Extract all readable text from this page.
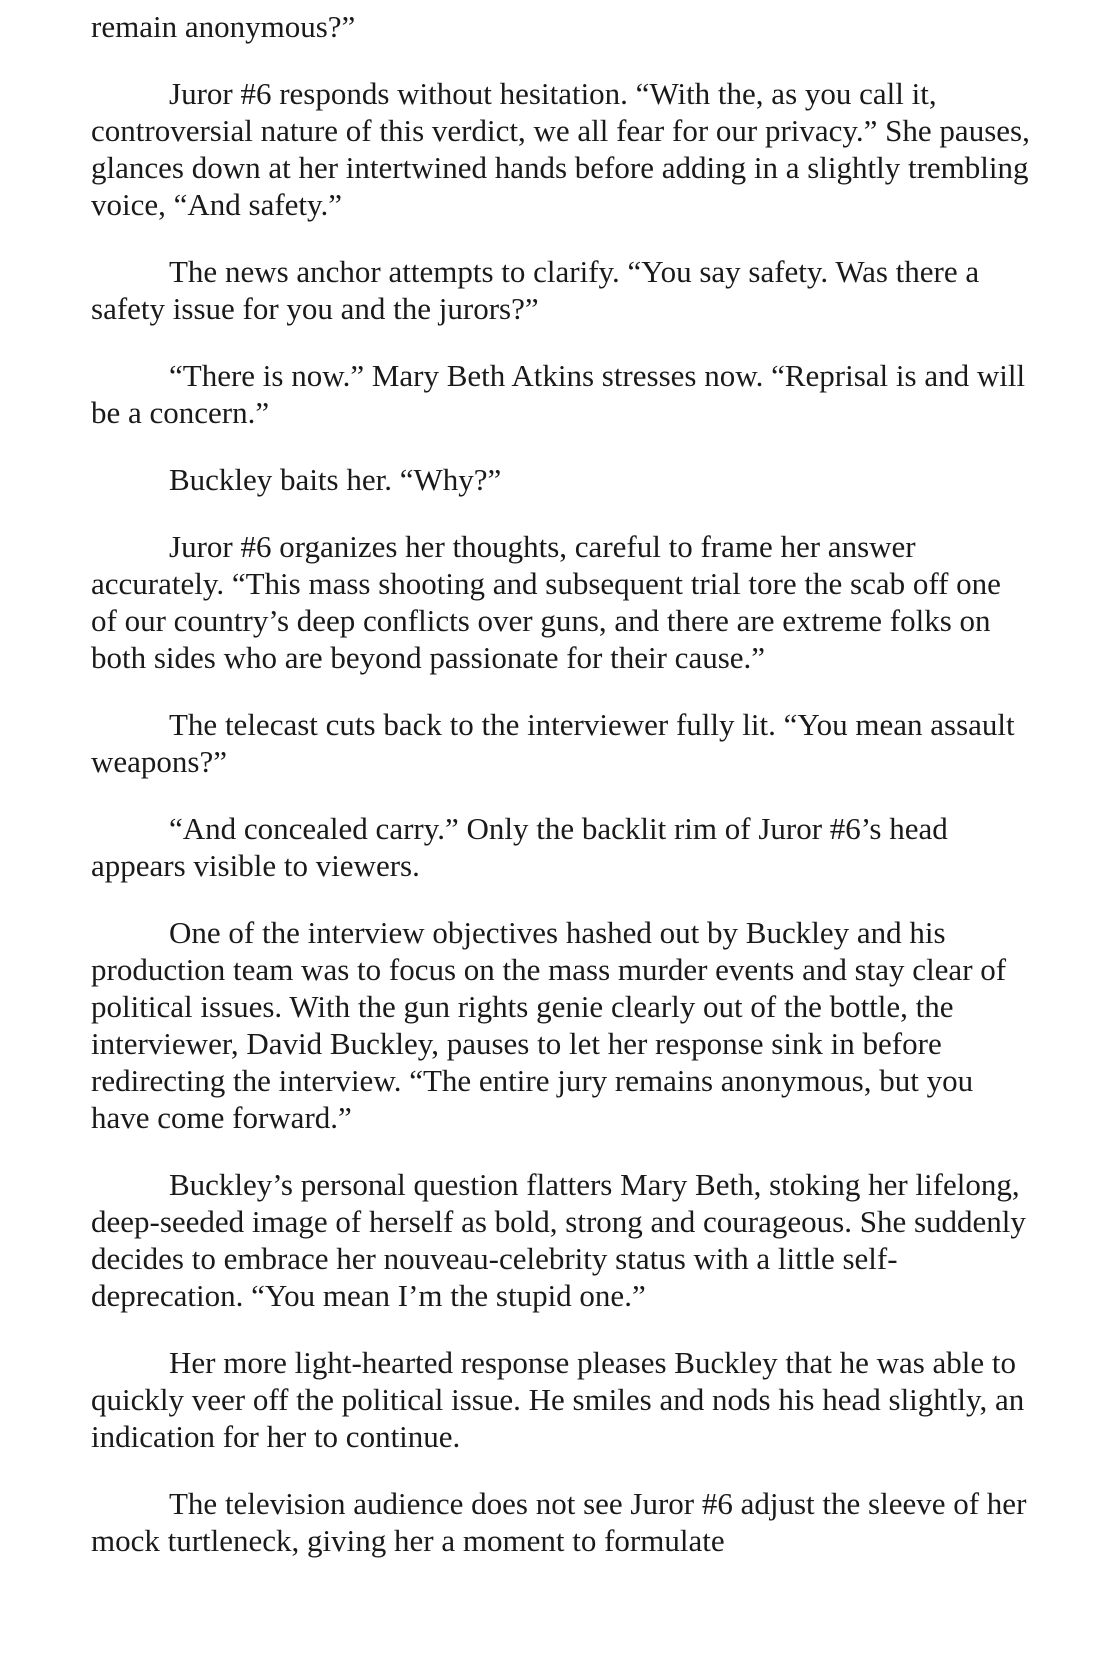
remain anonymous?”

Juror #6 responds without hesitation. “With the, as you call it, controversial nature of this verdict, we all fear for our privacy.” She pauses, glances down at her intertwined hands before adding in a slightly trembling voice, “And safety.”

The news anchor attempts to clarify. “You say safety. Was there a safety issue for you and the jurors?”

“There is now.” Mary Beth Atkins stresses now. “Reprisal is and will be a concern.”

Buckley baits her. “Why?”

Juror #6 organizes her thoughts, careful to frame her answer accurately. “This mass shooting and subsequent trial tore the scab off one of our country’s deep conflicts over guns, and there are extreme folks on both sides who are beyond passionate for their cause.”

The telecast cuts back to the interviewer fully lit. “You mean assault weapons?”

“And concealed carry.” Only the backlit rim of Juror #6’s head appears visible to viewers.

One of the interview objectives hashed out by Buckley and his production team was to focus on the mass murder events and stay clear of political issues. With the gun rights genie clearly out of the bottle, the interviewer, David Buckley, pauses to let her response sink in before redirecting the interview. “The entire jury remains anonymous, but you have come forward.”

Buckley’s personal question flatters Mary Beth, stoking her lifelong, deep-seeded image of herself as bold, strong and courageous. She suddenly decides to embrace her nouveau-celebrity status with a little self-deprecation. “You mean I’m the stupid one.”

Her more light-hearted response pleases Buckley that he was able to quickly veer off the political issue. He smiles and nods his head slightly, an indication for her to continue.

The television audience does not see Juror #6 adjust the sleeve of her mock turtleneck, giving her a moment to formulate
